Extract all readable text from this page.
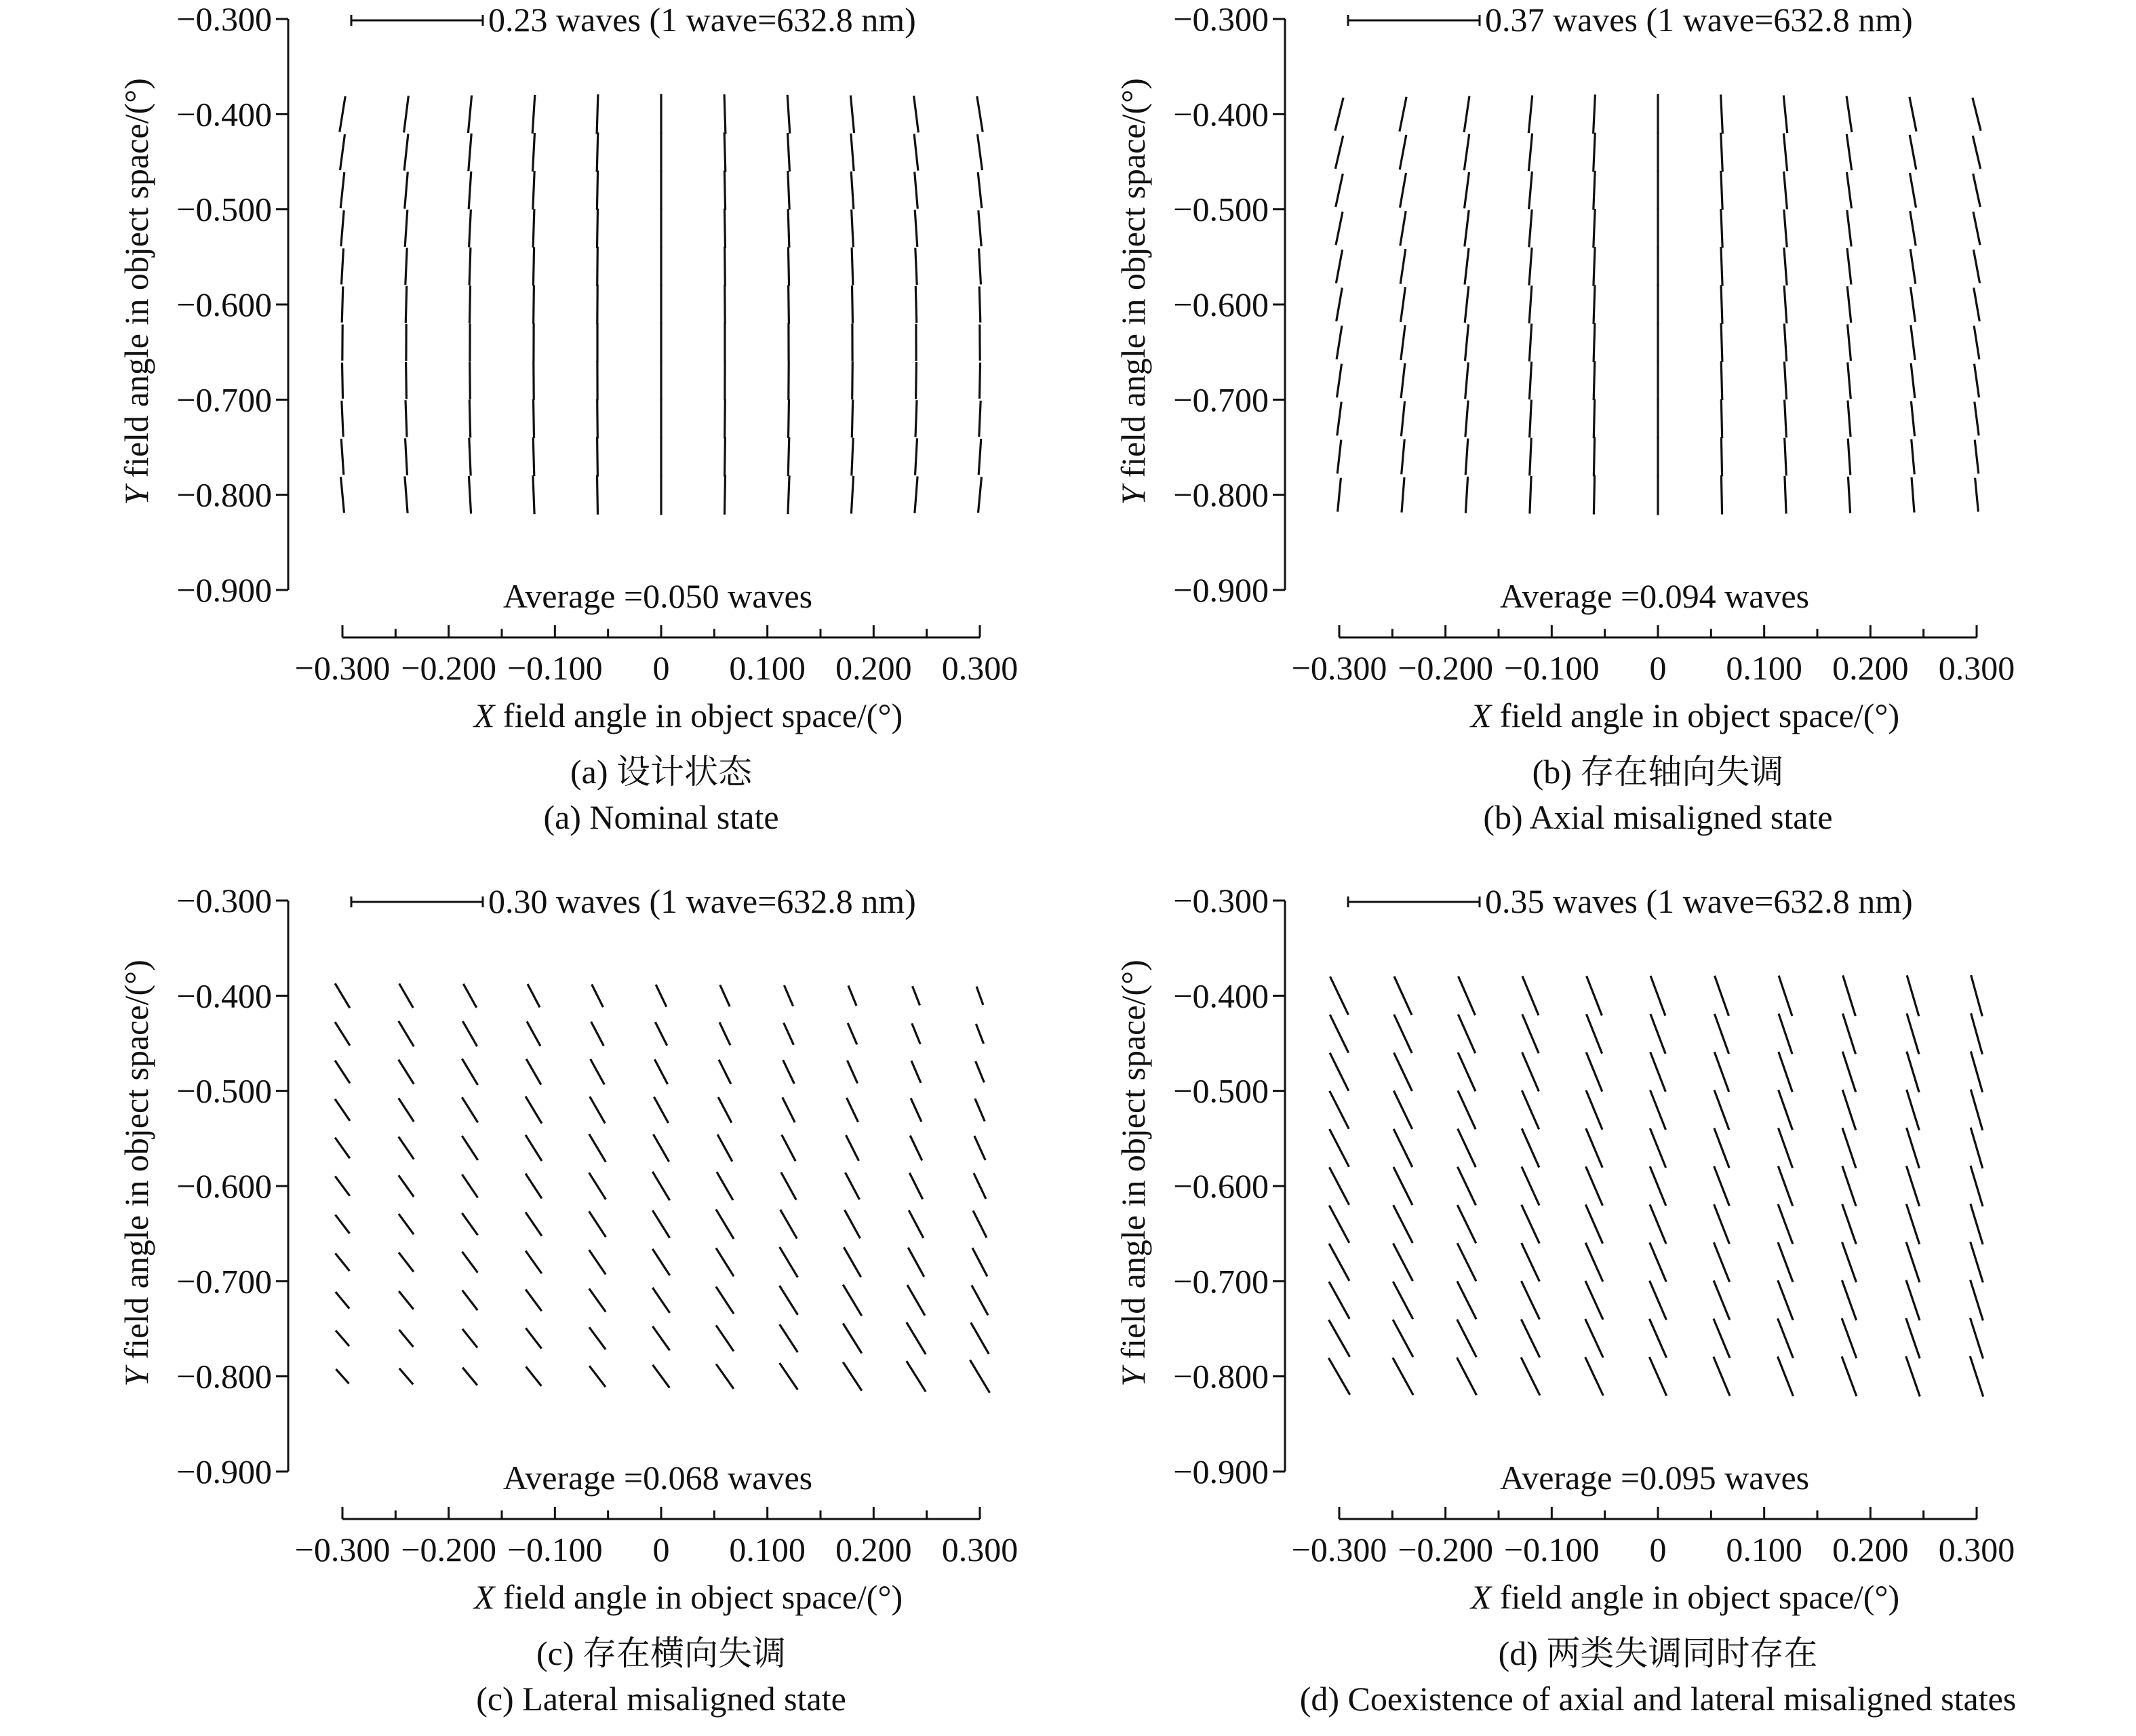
−0.300
−0.400
−0.500
−0.600
−0.700
−0.800
−0.900
−0.300 −0.200 −0.100 0 0.100 0.200 0.300
0.23 waves (1 wave=632.8 nm)
Average =0.050 waves
X field angle in object space/(°)
Y field angle in object space/(°)
(a) 设计状态
(a) Nominal state
−0.300
−0.400
−0.500
−0.600
−0.700
−0.800
−0.900
−0.300 −0.200 −0.100 0 0.100 0.200 0.300
0.37 waves (1 wave=632.8 nm)
Average =0.094 waves
X field angle in object space/(°)
Y field angle in object space/(°)
(b) 存在轴向失调
(b) Axial misaligned state
−0.300
−0.400
−0.500
−0.600
−0.700
−0.800
−0.900
−0.300 −0.200 −0.100 0 0.100 0.200 0.300
0.30 waves (1 wave=632.8 nm)
Average =0.068 waves
X field angle in object space/(°)
Y field angle in object space/(°)
(c) 存在横向失调
(c) Lateral misaligned state
−0.300
−0.400
−0.500
−0.600
−0.700
−0.800
−0.900
−0.300 −0.200 −0.100 0 0.100 0.200 0.300
0.35 waves (1 wave=632.8 nm)
Average =0.095 waves
X field angle in object space/(°)
Y field angle in object space/(°)
(d) 两类失调同时存在
(d) Coexistence of axial and lateral misaligned states
